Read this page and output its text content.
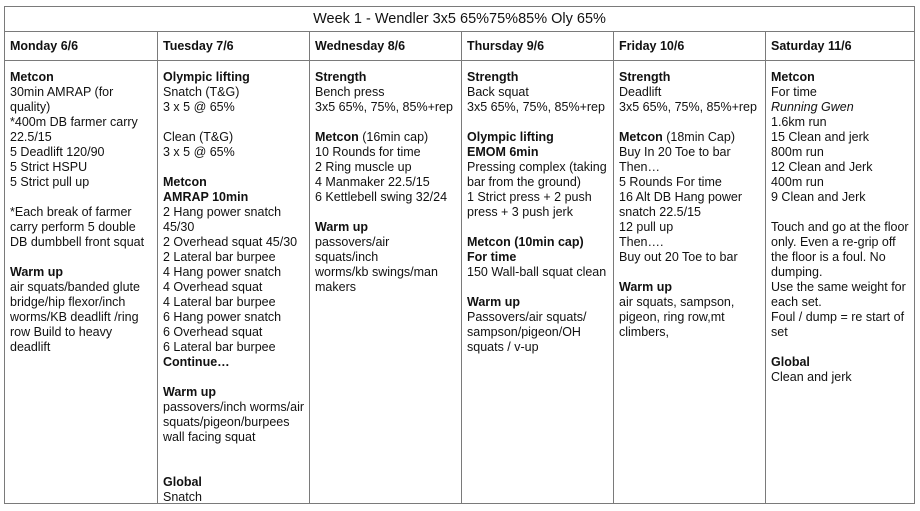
Week 1 - Wendler 3x5 65%75%85% Oly 65%
Monday 6/6
Metcon
30min AMRAP (for
quality)
*400m DB farmer carry
22.5/15
5 Deadlift 120/90
5 Strict HSPU
5 Strict pull up
*Each break of farmer
carry perform 5 double
DB dumbbell front squat
Warm up
air squats/banded glute
bridge/hip flexor/inch
worms/KB deadlift /ring
row Build to heavy
deadlift
Tuesday 7/6
Olympic lifting
Snatch (T&G)
3 x 5 @ 65%
Clean (T&G)
3 x 5 @ 65%
Metcon
AMRAP 10min
2 Hang power snatch
45/30
2 Overhead squat 45/30
2 Lateral bar burpee
4 Hang power snatch
4 Overhead squat
4 Lateral bar burpee
6 Hang power snatch
6 Overhead squat
6 Lateral bar burpee
Continue…
Warm up
passovers/inch worms/air
squats/pigeon/burpees
wall facing squat
Global
Snatch
Wednesday 8/6
Strength
Bench press
3x5 65%, 75%, 85%+rep
Metcon (16min cap)
10 Rounds for time
2 Ring muscle up
4 Manmaker 22.5/15
6 Kettlebell swing 32/24
Warm up
passovers/air squats/inch
worms/kb swings/man
makers
Thursday 9/6
Strength
Back squat
3x5 65%, 75%, 85%+rep
Olympic lifting
EMOM 6min
Pressing complex (taking
bar from the ground)
1 Strict press + 2 push
press + 3 push jerk
Metcon (10min cap)
For time
150 Wall-ball squat clean
Warm up
Passovers/air squats/
sampson/pigeon/OH
squats / v-up
Friday 10/6
Strength
Deadlift
3x5 65%, 75%, 85%+rep
Metcon (18min Cap)
Buy In 20 Toe to bar
Then…
5 Rounds For time
16 Alt DB Hang power
snatch 22.5/15
12 pull up
Then….
Buy out 20 Toe to bar
Warm up
air squats, sampson,
pigeon, ring row,mt
climbers,
Saturday 11/6
Metcon
For time
Running Gwen
1.6km run
15 Clean and jerk
800m run
12 Clean and Jerk
400m run
9 Clean and Jerk
Touch and go at the floor
only. Even a re-grip off
the floor is a foul. No
dumping.
Use the same weight for
each set.
Foul / dump = re start of
set
Global
Clean and jerk
